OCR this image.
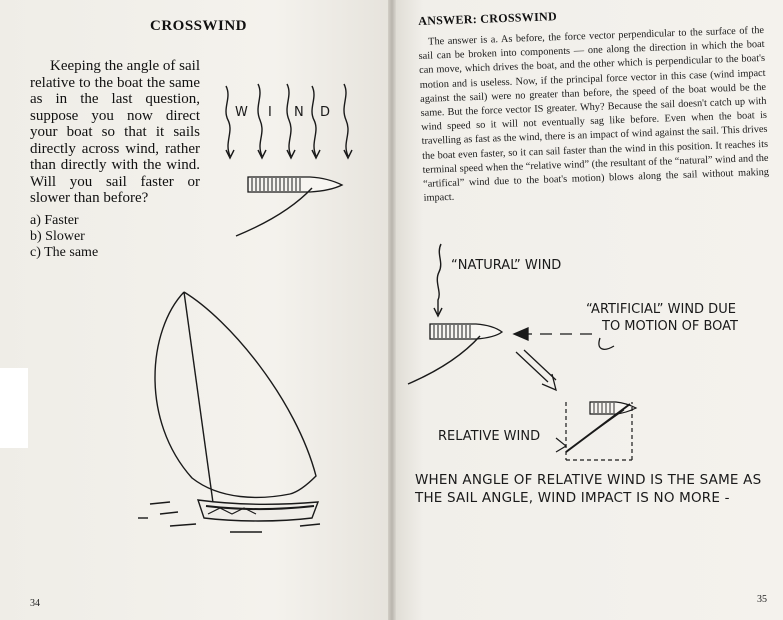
CROSSWIND

Keeping the angle of sail relative to the boat the same as in the last question, suppose you now direct your boat so that it sails directly across wind, rather than directly with the wind. Will you sail faster or slower than before?

a) Faster
b) Slower
c) The same
34
ANSWER: CROSSWIND

The answer is a. As before, the force vector perpendicular to the surface of the sail can be broken into components — one along the direction in which the boat can move, which drives the boat, and the other which is perpendicular to the boat's motion and is useless. Now, if the principal force vector in this case (wind impact against the sail) were no greater than before, the speed of the boat would be the same. But the force vector IS greater. Why? Because the sail doesn't catch up with wind speed so it will not eventually sag like before. Even when the boat is travelling as fast as the wind, there is an impact of wind against the sail. This drives the boat even faster, so it can sail faster than the wind in this position. It reaches its terminal speed when the “relative wind” (the resultant of the “natural” wind and the “artifical” wind due to the boat's motion) blows along the sail without making impact.

35
“NATURAL” WIND
“ARTIFICIAL” WIND DUE
TO MOTION OF BOAT
RELATIVE WIND
WHEN ANGLE OF RELATIVE WIND IS THE SAME AS
THE SAIL ANGLE, WIND IMPACT IS NO MORE -
W I N D
